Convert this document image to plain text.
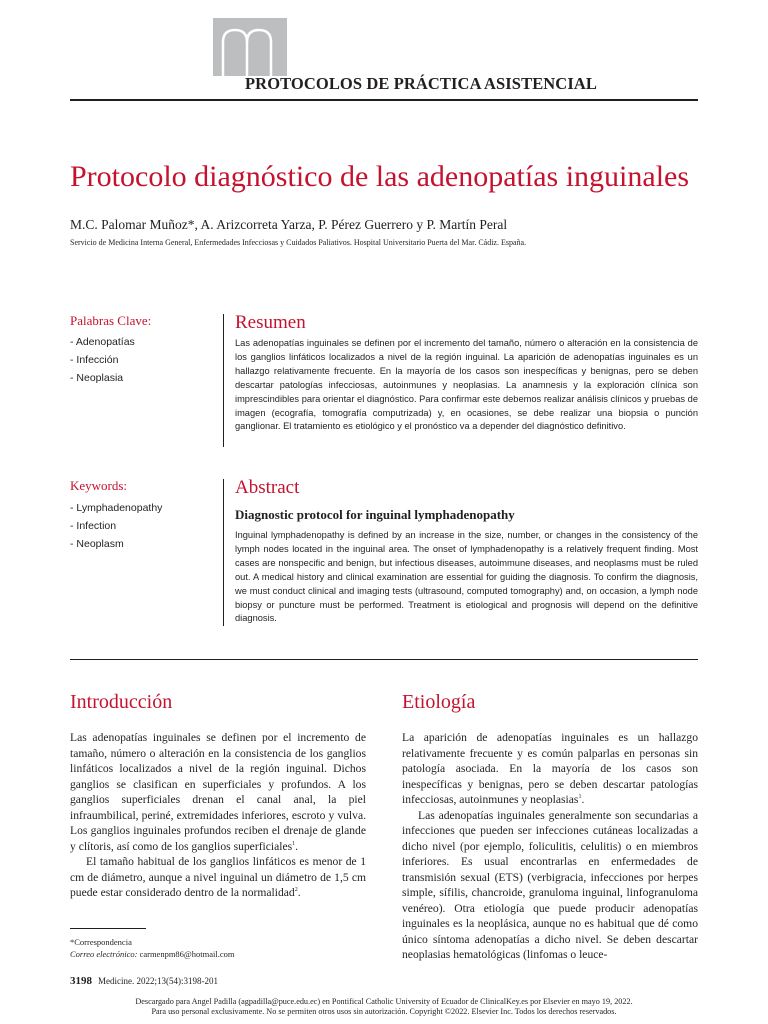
PROTOCOLOS DE PRÁCTICA ASISTENCIAL
Protocolo diagnóstico de las adenopatías inguinales
M.C. Palomar Muñoz*, A. Arizcorreta Yarza, P. Pérez Guerrero y P. Martín Peral
Servicio de Medicina Interna General, Enfermedades Infecciosas y Cuidados Paliativos. Hospital Universitario Puerta del Mar. Cádiz. España.
Palabras Clave:
- Adenopatías
- Infección
- Neoplasia
Keywords:
- Lymphadenopathy
- Infection
- Neoplasm
Resumen
Las adenopatías inguinales se definen por el incremento del tamaño, número o alteración en la consistencia de los ganglios linfáticos localizados a nivel de la región inguinal. La aparición de adenopatías inguinales es un hallazgo relativamente frecuente. En la mayoría de los casos son inespecíficas y benignas, pero se deben descartar patologías infecciosas, autoinmunes y neoplasias. La anamnesis y la exploración clínica son imprescindibles para orientar el diagnóstico. Para confirmar este debemos realizar análisis clínicos y pruebas de imagen (ecografía, tomografía computrizada) y, en ocasiones, se debe realizar una biopsia o punción ganglionar. El tratamiento es etiológico y el pronóstico va a depender del diagnóstico definitivo.
Abstract
Diagnostic protocol for inguinal lymphadenopathy
Inguinal lymphadenopathy is defined by an increase in the size, number, or changes in the consistency of the lymph nodes located in the inguinal area. The onset of lymphadenopathy is a relatively frequent finding. Most cases are nonspecific and benign, but infectious diseases, autoimmune diseases, and neoplasms must be ruled out. A medical history and clinical examination are essential for guiding the diagnosis. To confirm the diagnosis, we must conduct clinical and imaging tests (ultrasound, computed tomography) and, on occasion, a lymph node biopsy or puncture must be performed. Treatment is etiological and prognosis will depend on the definitive diagnosis.
Introducción

Las adenopatías inguinales se definen por el incremento de tamaño, número o alteración en la consistencia de los ganglios linfáticos localizados a nivel de la región inguinal. Dichos ganglios se clasifican en superficiales y profundos. A los ganglios superficiales drenan el canal anal, la piel infraumbilical, periné, extremidades inferiores, escroto y vulva. Los ganglios inguinales profundos reciben el drenaje de glande y clítoris, así como de los ganglios superficiales$^1$.

El tamaño habitual de los ganglios linfáticos es menor de 1 cm de diámetro, aunque a nivel inguinal un diámetro de 1,5 cm puede estar considerado dentro de la normalidad$^2$.

*Correspondencia
Correo electrónico: carmenpm86@hotmail.com
Etiología

La aparición de adenopatías inguinales es un hallazgo relativamente frecuente y es común palparlas en personas sin patología asociada. En la mayoría de los casos son inespecíficas y benignas, pero se deben descartar patologías infecciosas, autoinmunes y neoplasias$^1$.

Las adenopatías inguinales generalmente son secundarias a infecciones que pueden ser infecciones cutáneas localizadas a dicho nivel (por ejemplo, foliculitis, celulitis) o en miembros inferiores. Es usual encontrarlas en enfermedades de transmisión sexual (ETS) (verbigracia, infecciones por herpes simple, sífilis, chancroide, granuloma inguinal, linfogranuloma venéreo). Otra etiología que puede producir adenopatías inguinales es la neoplásica, aunque no es habitual que dé como único síntoma adenopatías a dicho nivel. Se deben descartar neoplasias hematológicas (linfomas o leuce-

3198 Medicine. 2022;13(54):3198-201
Descargado para Angel Padilla (agpadilla@puce.edu.ec) en Pontifical Catholic University of Ecuador de ClinicalKey.es por Elsevier en mayo 19, 2022.
Para uso personal exclusivamente. No se permiten otros usos sin autorización. Copyright ©2022. Elsevier Inc. Todos los derechos reservados.
